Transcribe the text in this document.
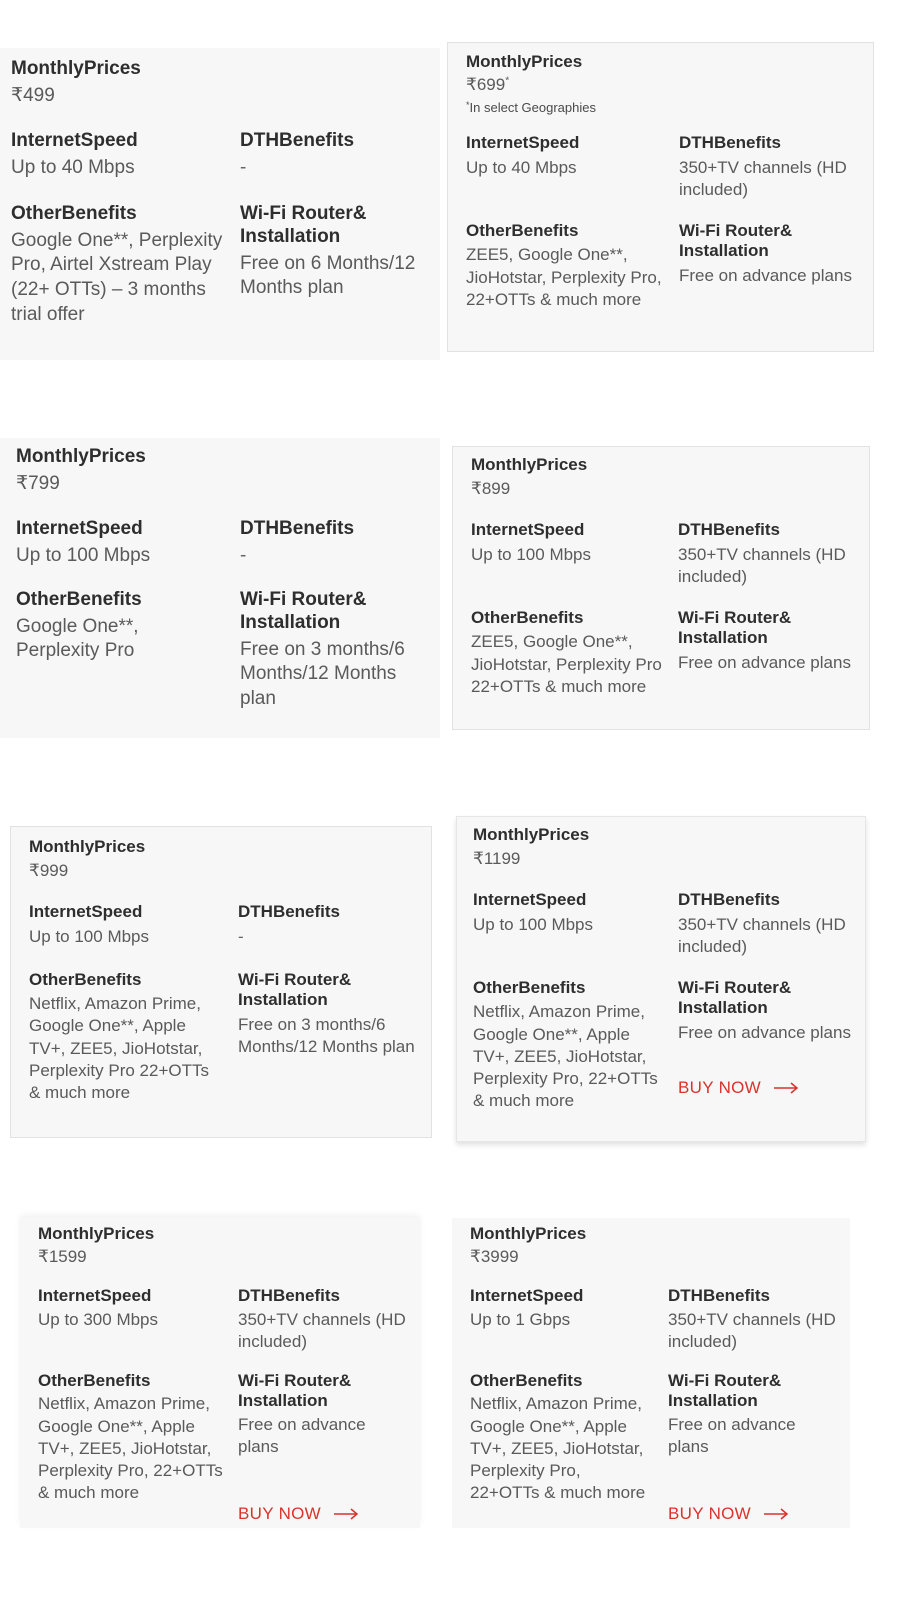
MonthlyPrices
₹499
InternetSpeed
Up to 40 Mbps
DTHBenefits
-
OtherBenefits
Google One**, Perplexity Pro, Airtel Xstream Play (22+ OTTs) – 3 months trial offer
Wi-Fi Router&
Installation
Free on 6 Months/12 Months plan
MonthlyPrices
₹699*
*In select Geographies
InternetSpeed
Up to 40 Mbps
DTHBenefits
350+TV channels (HD included)
OtherBenefits
ZEE5, Google One**, JioHotstar, Perplexity Pro, 22+OTTs & much more
Wi-Fi Router&
Installation
Free on advance plans
MonthlyPrices
₹799
InternetSpeed
Up to 100 Mbps
DTHBenefits
-
OtherBenefits
Google One**, Perplexity Pro
Wi-Fi Router&
Installation
Free on 3 months/6 Months/12 Months plan
MonthlyPrices
₹899
InternetSpeed
Up to 100 Mbps
DTHBenefits
350+TV channels (HD included)
OtherBenefits
ZEE5, Google One**, JioHotstar, Perplexity Pro 22+OTTs & much more
Wi-Fi Router&
Installation
Free on advance plans
MonthlyPrices
₹999
InternetSpeed
Up to 100 Mbps
DTHBenefits
-
OtherBenefits
Netflix, Amazon Prime, Google One**, Apple TV+, ZEE5, JioHotstar, Perplexity Pro 22+OTTs & much more
Wi-Fi Router&
Installation
Free on 3 months/6 Months/12 Months plan
MonthlyPrices
₹1199
InternetSpeed
Up to 100 Mbps
DTHBenefits
350+TV channels (HD included)
OtherBenefits
Netflix, Amazon Prime, Google One**, Apple TV+, ZEE5, JioHotstar, Perplexity Pro, 22+OTTs & much more
Wi-Fi Router&
Installation
Free on advance plans
BUY NOW
MonthlyPrices
₹1599
InternetSpeed
Up to 300 Mbps
DTHBenefits
350+TV channels (HD included)
OtherBenefits
Netflix, Amazon Prime, Google One**, Apple TV+, ZEE5, JioHotstar, Perplexity Pro, 22+OTTs & much more
Wi-Fi Router&
Installation
Free on advance plans
BUY NOW
MonthlyPrices
₹3999
InternetSpeed
Up to 1 Gbps
DTHBenefits
350+TV channels (HD included)
OtherBenefits
Netflix, Amazon Prime, Google One**, Apple TV+, ZEE5, JioHotstar, Perplexity Pro, 22+OTTs & much more
Wi-Fi Router&
Installation
Free on advance plans
BUY NOW
